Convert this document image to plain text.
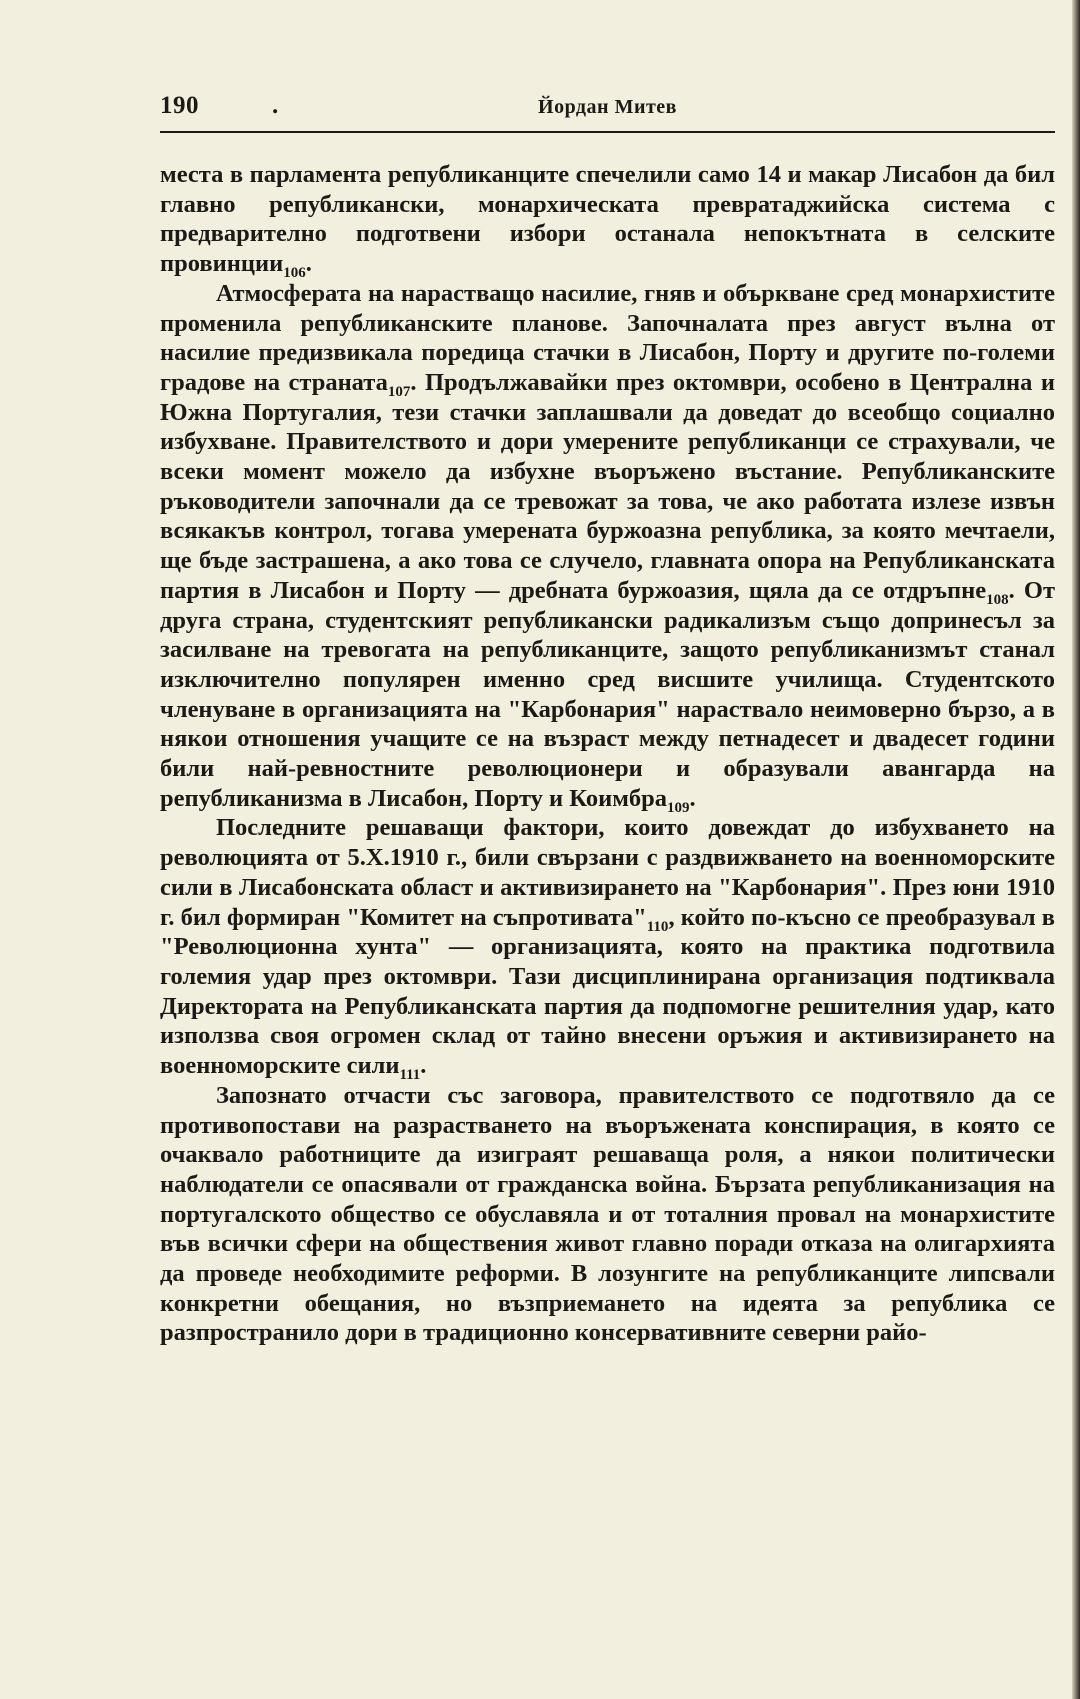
190	.	Йордан Митев

места в парламента републиканците спечелили само 14 и макар Лисабон да бил главно републикански, монархическата превратаджийска система с предварително подготвени избори останала непокътната в селските провинции$_{106}$.

Атмосферата на нарастващо насилие, гняв и объркване сред монархистите променила републиканските планове. Започналата през август вълна от насилие предизвикала поредица стачки в Лисабон, Порту и другите по-големи градове на страната$_{107}$. Продължавайки през октомври, особено в Централна и Южна Португалия, тези стачки заплашвали да доведат до всеобщо социално избухване. Правителството и дори умерените републиканци се страхували, че всеки момент можело да избухне въоръжено въстание. Републиканските ръководители започнали да се тревожат за това, че ако работата излезе извън всякакъв контрол, тогава умерената буржоазна република, за която мечтаели, ще бъде застрашена, а ако това се случело, главната опора на Републиканската партия в Лисабон и Порту — дребната буржоазия, щяла да се отдръпне$_{108}$. От друга страна, студентският републикански радикализъм също допринесъл за засилване на тревогата на републиканците, защото републиканизмът станал изключително популярен именно сред висшите училища. Студентското членуване в организацията на "Карбонария" нараствало неимоверно бързо, а в някои отношения учащите се на възраст между петнадесет и двадесет години били най-ревностните революционери и образували авангарда на републиканизма в Лисабон, Порту и Коимбра$_{109}$.

Последните решаващи фактори, които довеждат до избухването на революцията от 5.Х.1910 г., били свързани с раздвижването на военноморските сили в Лисабонската област и активизирането на "Карбонария". През юни 1910 г. бил формиран "Комитет на $съпротивата"_{110}$, който по-късно се преобразувал в "Революционна хунта" — организацията, която на практика подготвила големия удар през октомври. Тази дисциплинирана организация подтиквала Директората на Републиканската партия да подпомогне решителния удар, като използва своя огромен склад от тайно внесени оръжия и активизирането на военноморските сили$_{111}$.

Запознато отчасти със заговора, правителството се подготвяло да се противопостави на разрастването на въоръжената конспирация, в която се очаквало работниците да изиграят решаваща роля, а някои политически наблюдатели се опасявали от гражданска война. Бързата републиканизация на португалското общество се обуславяла и от тоталния провал на монархистите във всички сфери на обществения живот главно поради отказа на олигархията да проведе необходимите реформи. В лозунгите на републиканците липсвали конкретни обещания, но възприемането на идеята за република се разпространило дори в традиционно консервативните северни райо-
